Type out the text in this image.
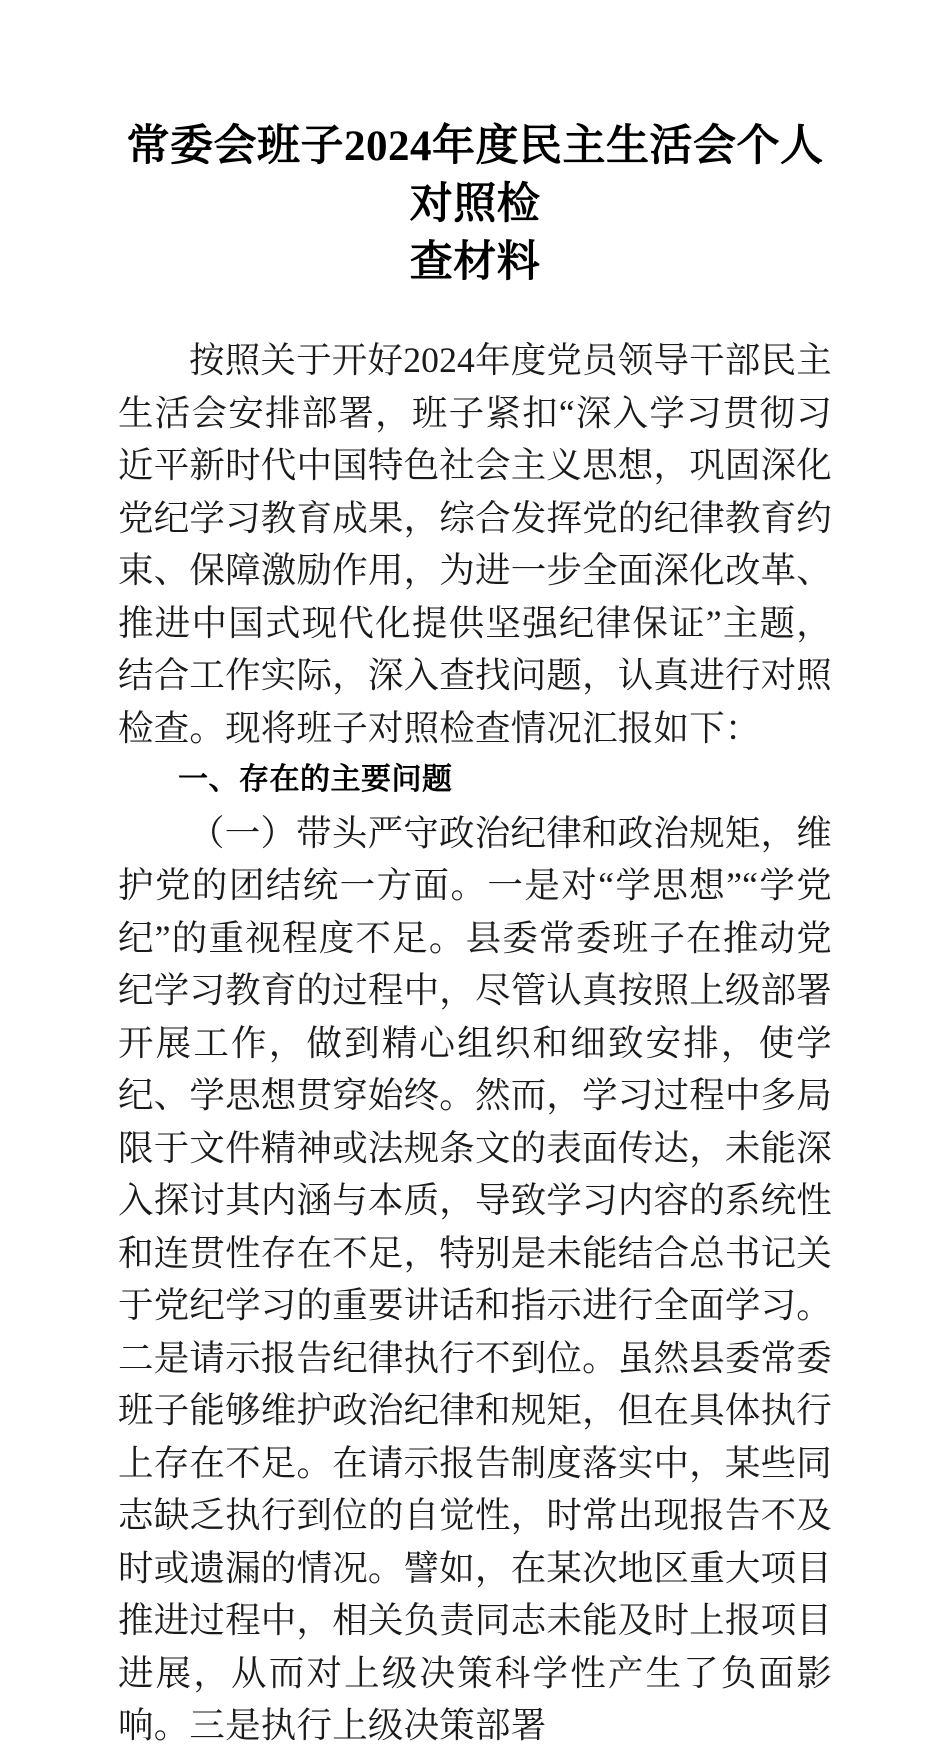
常委会班子2024年度民主生活会个人对照检
查材料

按照关于开好2024年度党员领导干部民主生活会安排部署，班子紧扣“深入学习贯彻习近平新时代中国特色社会主义思想，巩固深化党纪学习教育成果，综合发挥党的纪律教育约束、保障激励作用，为进一步全面深化改革、推进中国式现代化提供坚强纪律保证”主题，结合工作实际，深入查找问题，认真进行对照检查。现将班子对照检查情况汇报如下：

一、存在的主要问题

（一）带头严守政治纪律和政治规矩，维护党的团结统一方面。一是对“学思想”“学党纪”的重视程度不足。县委常委班子在推动党纪学习教育的过程中，尽管认真按照上级部署开展工作，做到精心组织和细致安排，使学纪、学思想贯穿始终。然而，学习过程中多局限于文件精神或法规条文的表面传达，未能深入探讨其内涵与本质，导致学习内容的系统性和连贯性存在不足，特别是未能结合总书记关于党纪学习的重要讲话和指示进行全面学习。二是请示报告纪律执行不到位。虽然县委常委班子能够维护政治纪律和规矩，但在具体执行上存在不足。在请示报告制度落实中，某些同志缺乏执行到位的自觉性，时常出现报告不及时或遗漏的情况。譬如，在某次地区重大项目推进过程中，相关负责同志未能及时上报项目进展，从而对上级决策科学性产生了负面影响。三是执行上级决策部署
